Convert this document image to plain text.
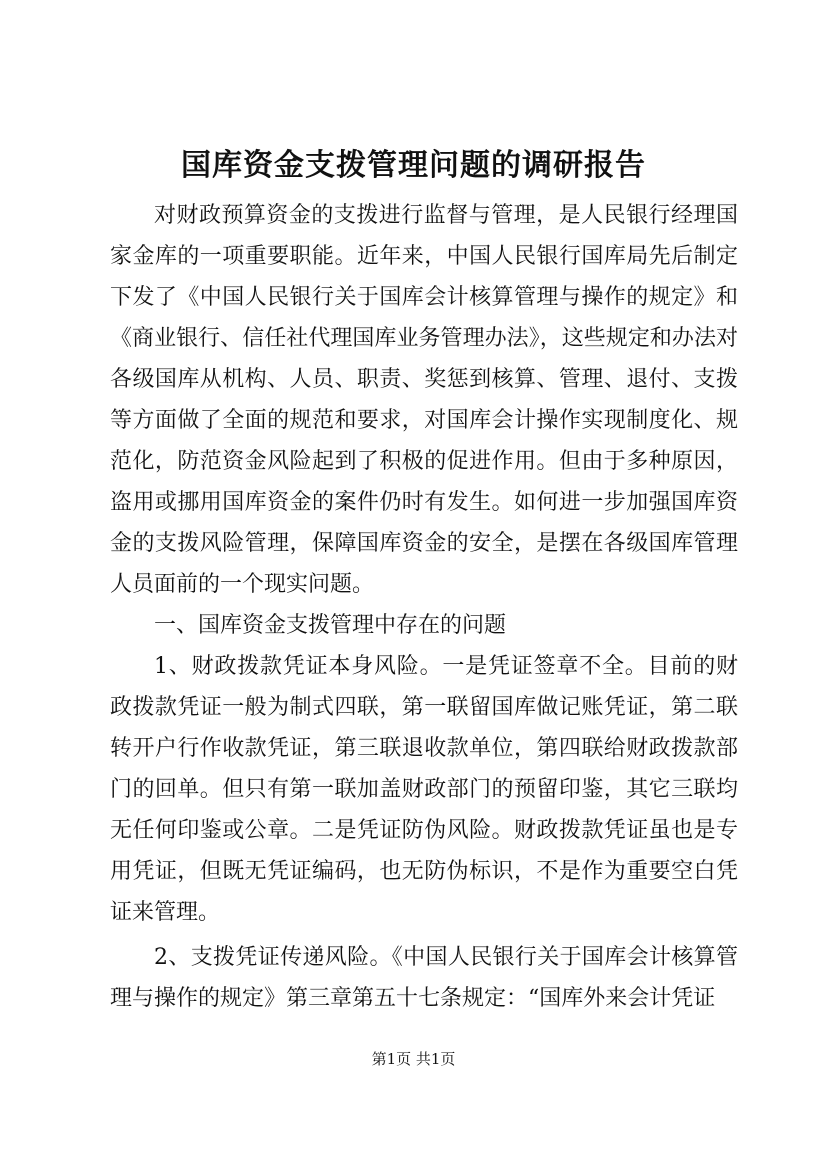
国库资金支拨管理问题的调研报告

对财政预算资金的支拨进行监督与管理，是人民银行经理国家金库的一项重要职能。近年来，中国人民银行国库局先后制定下发了《中国人民银行关于国库会计核算管理与操作的规定》和《商业银行、信任社代理国库业务管理办法》，这些规定和办法对各级国库从机构、人员、职责、奖惩到核算、管理、退付、支拨等方面做了全面的规范和要求，对国库会计操作实现制度化、规范化，防范资金风险起到了积极的促进作用。但由于多种原因，盗用或挪用国库资金的案件仍时有发生。如何进一步加强国库资金的支拨风险管理，保障国库资金的安全，是摆在各级国库管理人员面前的一个现实问题。

一、国库资金支拨管理中存在的问题

1、财政拨款凭证本身风险。一是凭证签章不全。目前的财政拨款凭证一般为制式四联，第一联留国库做记账凭证，第二联转开户行作收款凭证，第三联退收款单位，第四联给财政拨款部门的回单。但只有第一联加盖财政部门的预留印鉴，其它三联均无任何印鉴或公章。二是凭证防伪风险。财政拨款凭证虽也是专用凭证，但既无凭证编码，也无防伪标识，不是作为重要空白凭证来管理。

2、支拨凭证传递风险。《中国人民银行关于国库会计核算管理与操作的规定》第三章第五十七条规定：“国库外来会计凭证

第1页 共1页
